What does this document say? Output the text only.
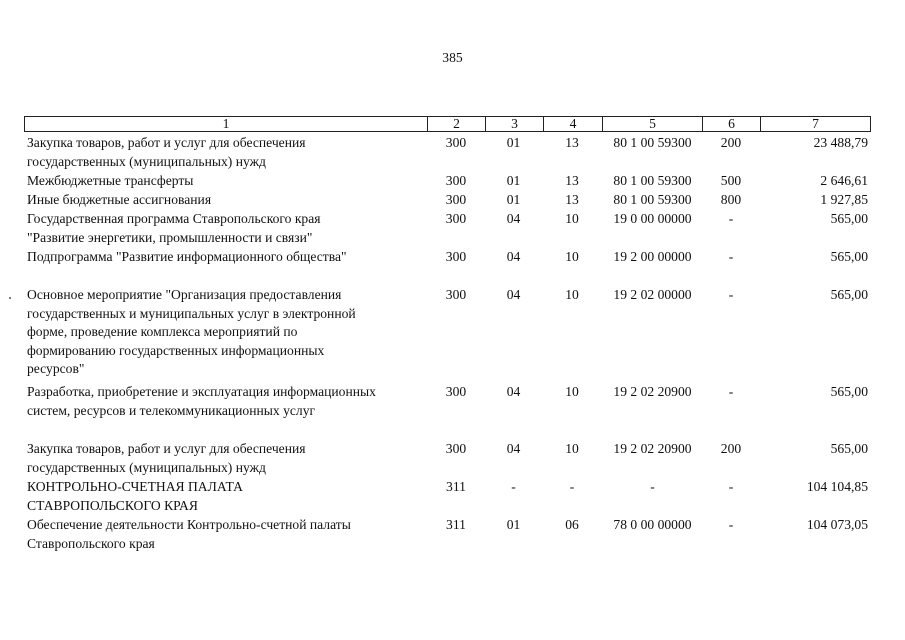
385
1	2	3	4	5	6	7
Закупка товаров, работ и услуг для обеспечения
государственных (муниципальных) нужд
300	01	13	80 1 00 59300	200	23 488,79
Межбюджетные трансферты	300	01	13	80 1 00 59300	500	2 646,61
Иные бюджетные ассигнования	300	01	13	80 1 00 59300	800	1 927,85
Государственная программа Ставропольского края
"Развитие энергетики, промышленности и связи"
300	04	10	19 0 00 00000	-	565,00
Подпрограмма "Развитие информационного общества"	300	04	10	19 2 00 00000	-	565,00
Основное мероприятие "Организация предоставления
государственных и муниципальных услуг в электронной
форме, проведение комплекса мероприятий по
формированию государственных информационных
ресурсов"
300	04	10	19 2 02 00000	-	565,00
Разработка, приобретение и эксплуатация информационных
систем, ресурсов и телекоммуникационных услуг
300	04	10	19 2 02 20900	-	565,00
Закупка товаров, работ и услуг для обеспечения
государственных (муниципальных) нужд
300	04	10	19 2 02 20900	200	565,00
КОНТРОЛЬНО-СЧЕТНАЯ ПАЛАТА
СТАВРОПОЛЬСКОГО КРАЯ
311	-	-	-	-	104 104,85
Обеспечение деятельности Контрольно-счетной палаты
Ставропольского края
311	01	06	78 0 00 00000	-	104 073,05
